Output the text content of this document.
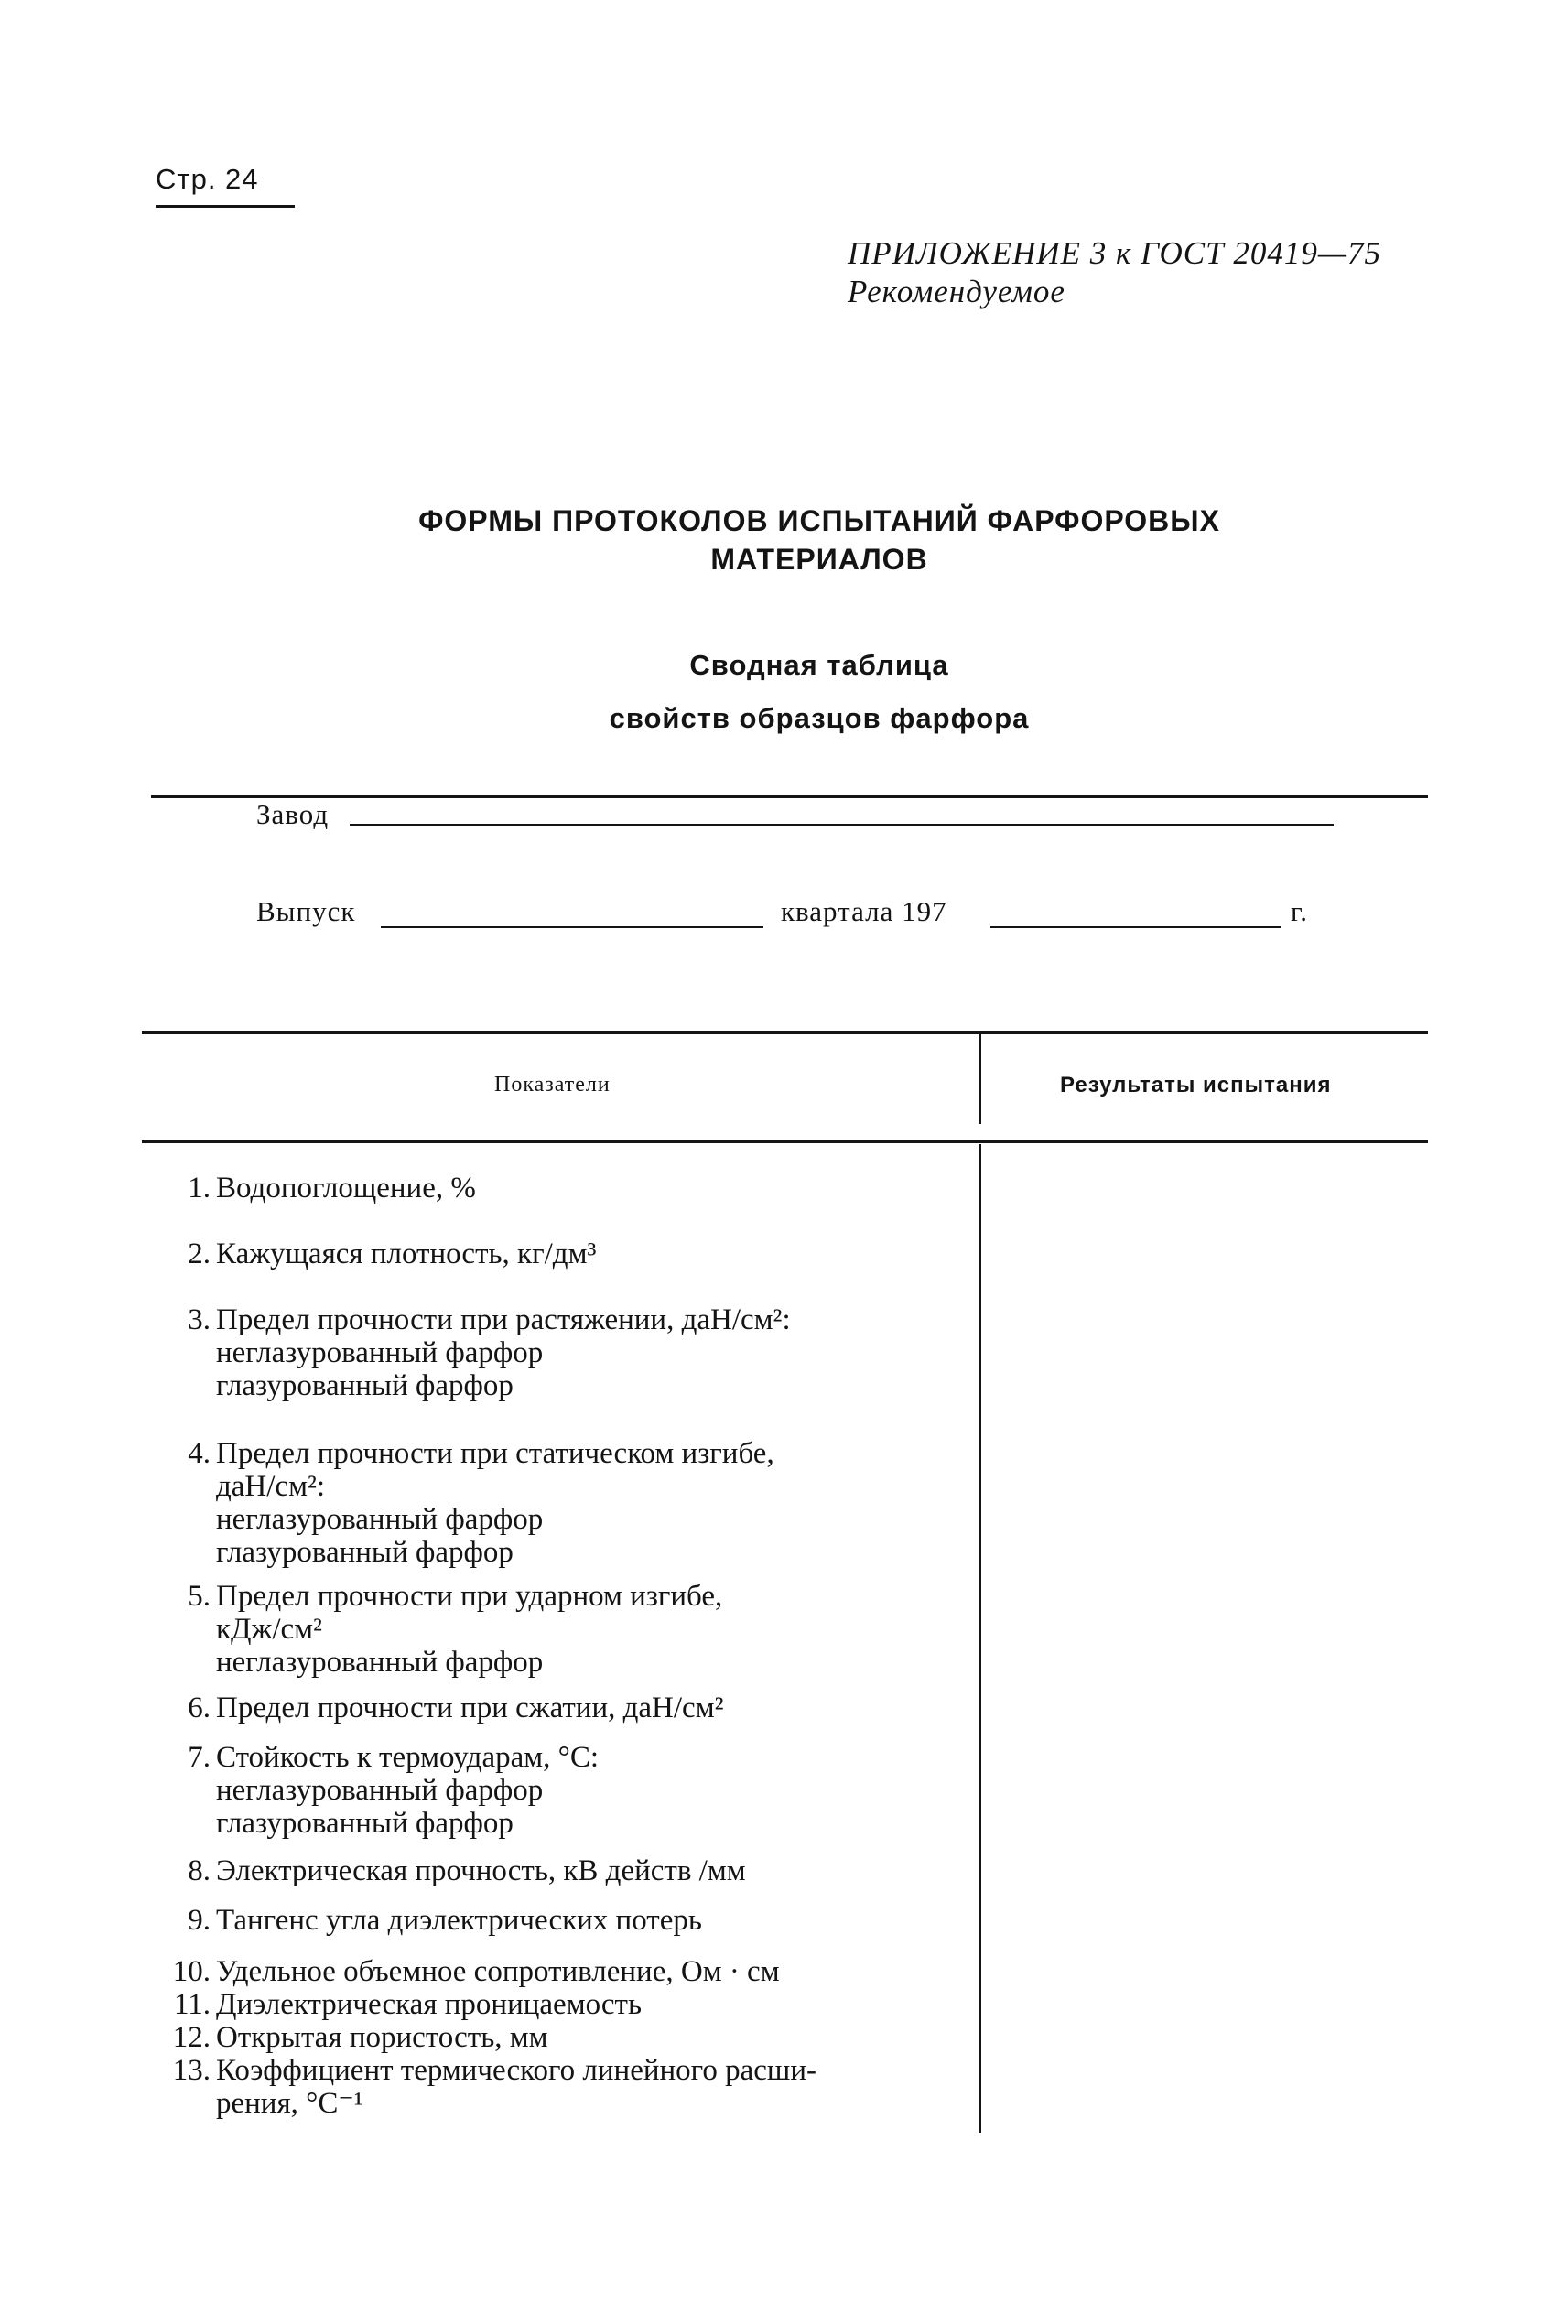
Стр. 24
ПРИЛОЖЕНИЕ 3 к ГОСТ 20419—75
Рекомендуемое
ФОРМЫ ПРОТОКОЛОВ ИСПЫТАНИЙ ФАРФОРОВЫХ
МАТЕРИАЛОВ
Сводная таблица
свойств образцов фарфора
Завод
Выпуск	квартала 197	г.
Показатели	Результаты испытания
1. Водопоглощение, %
2. Кажущаяся плотность, кг/дм³
3. Предел прочности при растяжении, даН/см²:
неглазурованный фарфор
глазурованный фарфор
4. Предел прочности при статическом изгибе,
даН/см²:
неглазурованный фарфор
глазурованный фарфор
5. Предел прочности при ударном изгибе,
кДж/см²
неглазурованный фарфор
6. Предел прочности при сжатии, даН/см²
7. Стойкость к термоударам, °С:
неглазурованный фарфор
глазурованный фарфор
8. Электрическая прочность, кВ действ /мм
9. Тангенс угла диэлектрических потерь
10. Удельное объемное сопротивление, Ом · см
11. Диэлектрическая проницаемость
12. Открытая пористость, мм
13. Коэффициент термического линейного расши-
рения, °С⁻¹
